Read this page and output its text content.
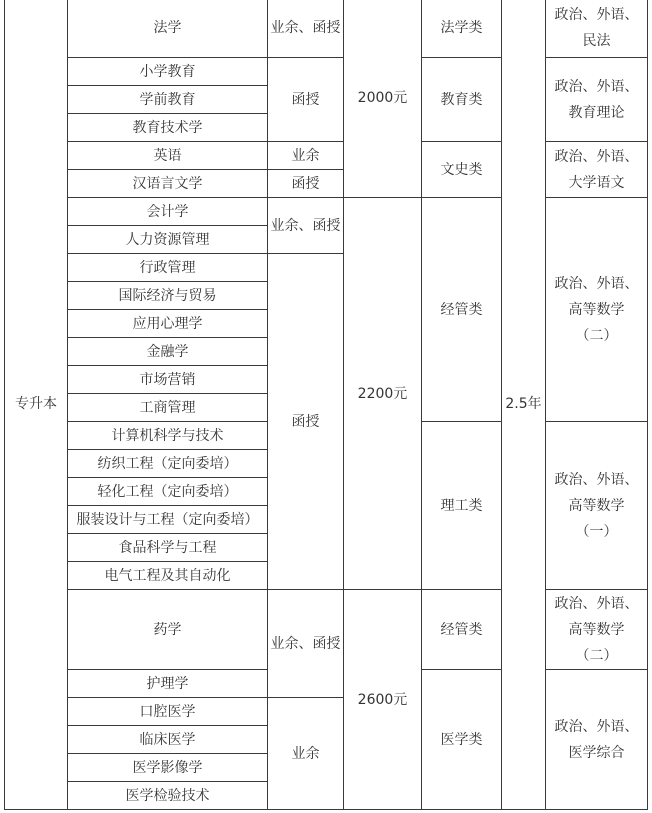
专升本	法学	业余、函授	2000元	法学类	2.5年	政治、外语、
民法

	小学教育	函授		教育类		政治、外语、
教育理论

	学前教育					
	教育技术学					
	英语	业余		文史类		政治、外语、
大学语文

	汉语言文学	函授				
	会计学	业余、函授	2200元	经管类		政治、外语、
高等数学
（二）

	人力资源管理					
	行政管理	函授				
	国际经济与贸易					
	应用心理学					
	金融学					
	市场营销					
	工商管理					
	计算机科学与技术			理工类		政治、外语、
高等数学
（一）

	纺织工程（定向委培）					
	轻化工程（定向委培）					
	服装设计与工程（定向委培）					
	食品科学与工程					
	电气工程及其自动化					
	药学	业余、函授	2600元	经管类		政治、外语、
高等数学
（二）

	护理学			医学类		政治、外语、
医学综合

	口腔医学	业余				
	临床医学					
	医学影像学					
	医学检验技术					
